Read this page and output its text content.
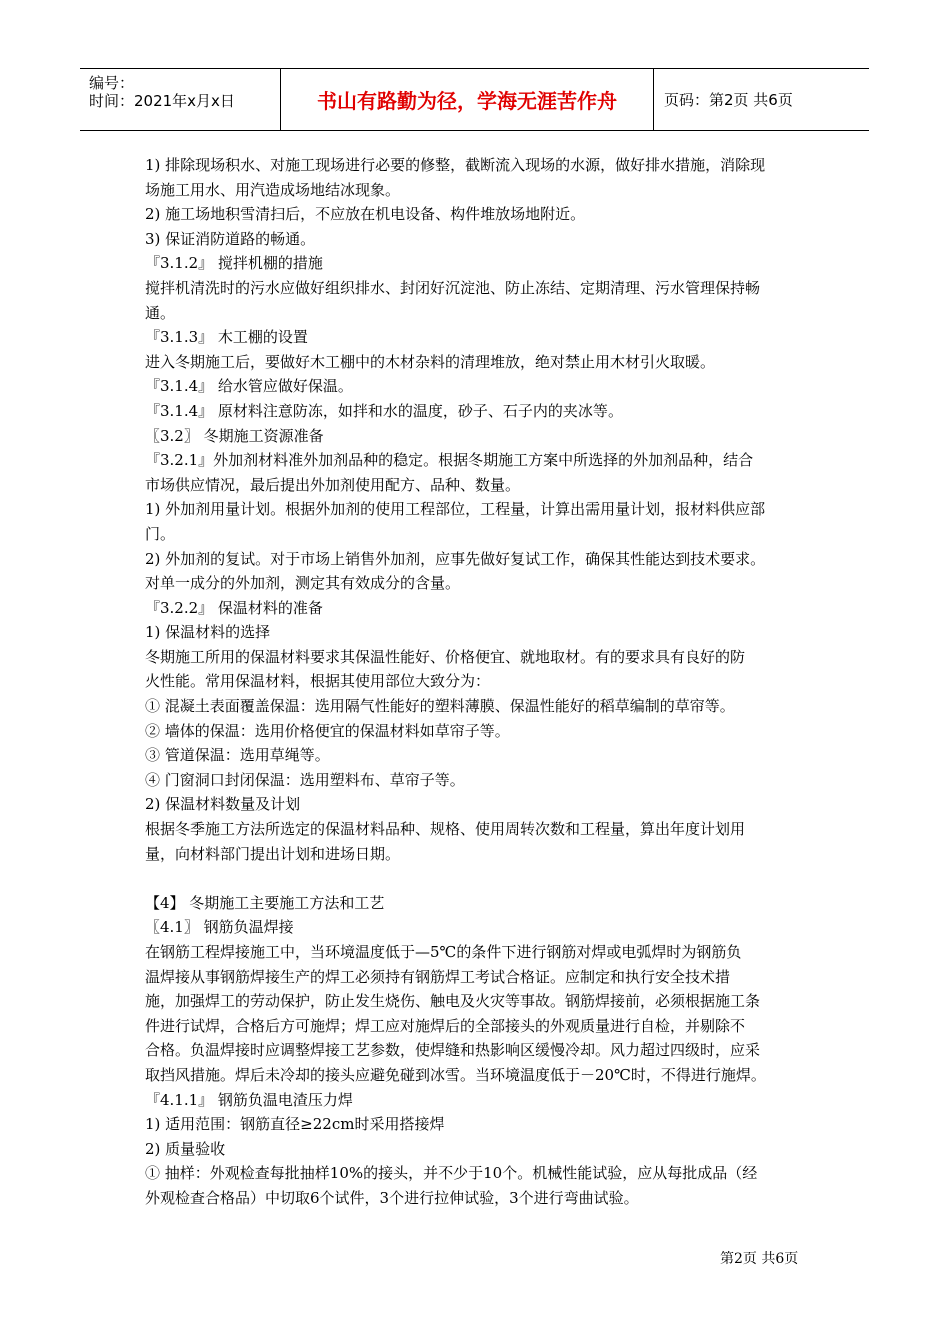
编号：
时间：2021年x月x日	书山有路勤为径，学海无涯苦作舟	页码：第2页 共6页
1) 排除现场积水、对施工现场进行必要的修整，截断流入现场的水源，做好排水措施，消除现
场施工用水、用汽造成场地结冰现象。
2) 施工场地积雪清扫后，不应放在机电设备、构件堆放场地附近。
3) 保证消防道路的畅通。
『3.1.2』 搅拌机棚的措施
搅拌机清洗时的污水应做好组织排水、封闭好沉淀池、防止冻结、定期清理、污水管理保持畅
通。
『3.1.3』 木工棚的设置
进入冬期施工后，要做好木工棚中的木材杂料的清理堆放，绝对禁止用木材引火取暖。
『3.1.4』 给水管应做好保温。
『3.1.4』 原材料注意防冻，如拌和水的温度，砂子、石子内的夹冰等。
〖3.2〗 冬期施工资源准备
『3.2.1』外加剂材料准外加剂品种的稳定。根据冬期施工方案中所选择的外加剂品种，结合
市场供应情况，最后提出外加剂使用配方、品种、数量。
1) 外加剂用量计划。根据外加剂的使用工程部位，工程量，计算出需用量计划，报材料供应部
门。
2) 外加剂的复试。对于市场上销售外加剂，应事先做好复试工作，确保其性能达到技术要求。
对单一成分的外加剂，测定其有效成分的含量。
『3.2.2』 保温材料的准备
1) 保温材料的选择
冬期施工所用的保温材料要求其保温性能好、价格便宜、就地取材。有的要求具有良好的防
火性能。常用保温材料，根据其使用部位大致分为：
① 混凝土表面覆盖保温：选用隔气性能好的塑料薄膜、保温性能好的稻草编制的草帘等。
② 墙体的保温：选用价格便宜的保温材料如草帘子等。
③ 管道保温：选用草绳等。
④ 门窗洞口封闭保温：选用塑料布、草帘子等。
2) 保温材料数量及计划
根据冬季施工方法所选定的保温材料品种、规格、使用周转次数和工程量，算出年度计划用
量，向材料部门提出计划和进场日期。
【4】 冬期施工主要施工方法和工艺
〖4.1〗 钢筋负温焊接
在钢筋工程焊接施工中，当环境温度低于—5℃的条件下进行钢筋对焊或电弧焊时为钢筋负
温焊接从事钢筋焊接生产的焊工必须持有钢筋焊工考试合格证。应制定和执行安全技术措
施，加强焊工的劳动保护，防止发生烧伤、触电及火灾等事故。钢筋焊接前，必须根据施工条
件进行试焊，合格后方可施焊；焊工应对施焊后的全部接头的外观质量进行自检，并剔除不
合格。负温焊接时应调整焊接工艺参数，使焊缝和热影响区缓慢冷却。风力超过四级时，应采
取挡风措施。焊后未冷却的接头应避免碰到冰雪。当环境温度低于－20℃时，不得进行施焊。
『4.1.1』 钢筋负温电渣压力焊
1) 适用范围：钢筋直径≥22cm时采用搭接焊
2) 质量验收
① 抽样：外观检查每批抽样10%的接头，并不少于10个。机械性能试验，应从每批成品（经
外观检查合格品）中切取6个试件，3个进行拉伸试验，3个进行弯曲试验。
第2页 共6页
